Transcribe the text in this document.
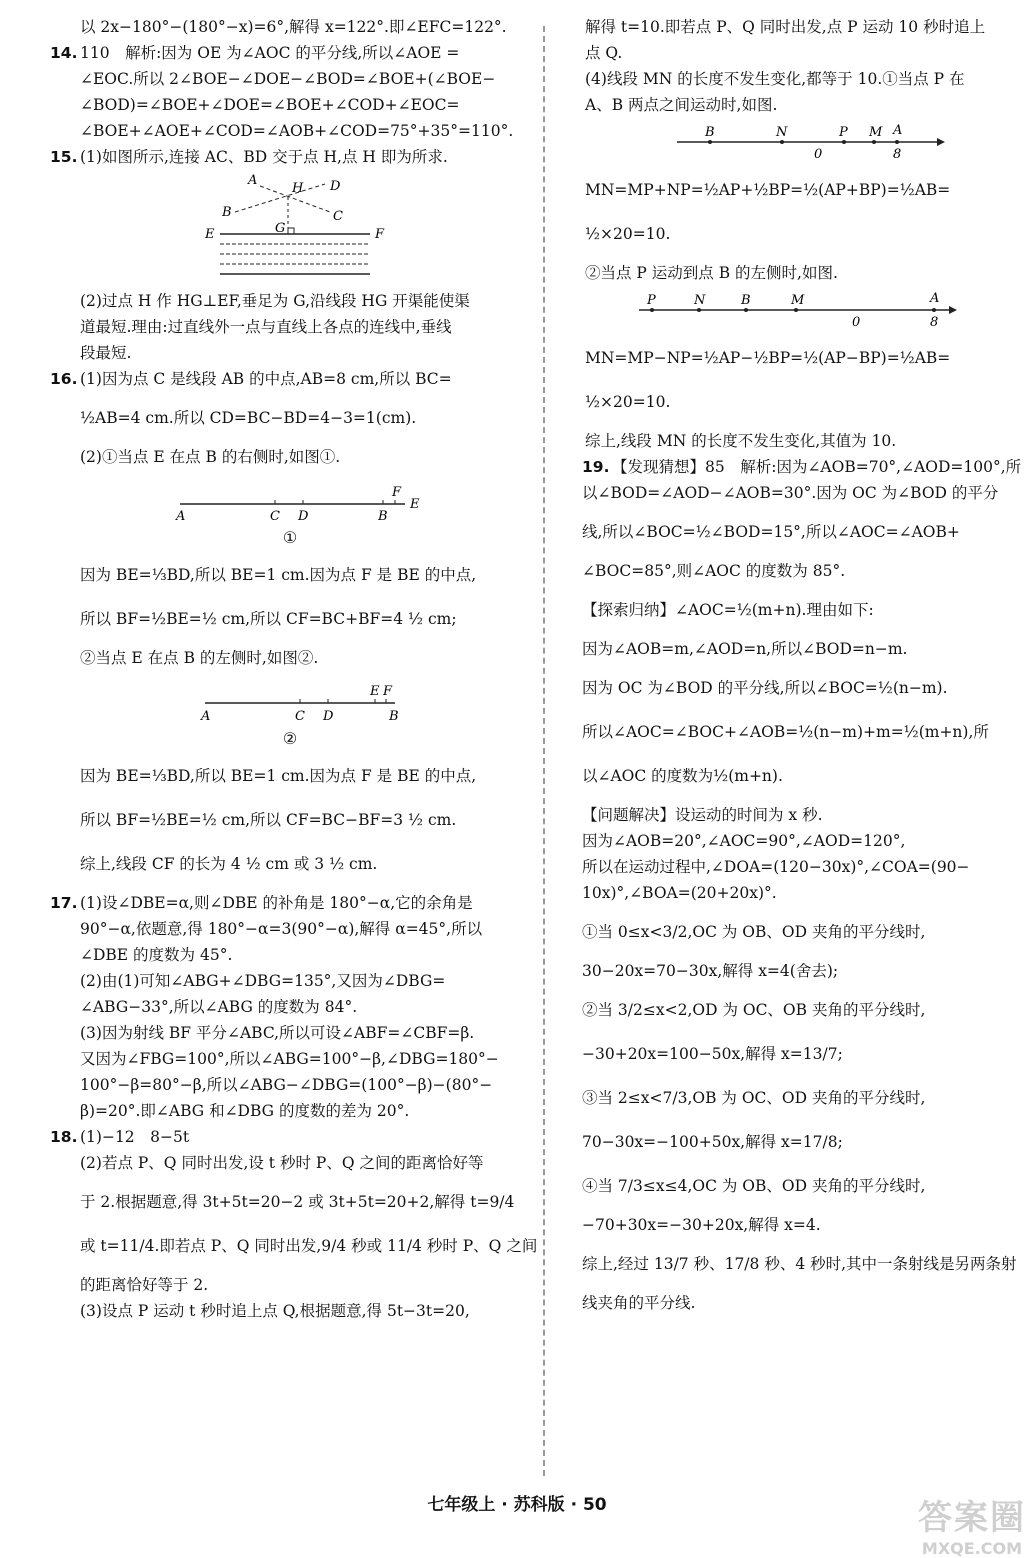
以 2x−180°−(180°−x)=6°,解得 x=122°.即∠EFC=122°.

14. 110　解析:因为 OE 为∠AOC 的平分线,所以∠AOE =

∠EOC.所以 2∠BOE−∠DOE−∠BOD=∠BOE+(∠BOE−

∠BOD)=∠BOE+∠DOE=∠BOE+∠COD+∠EOC=

∠BOE+∠AOE+∠COD=∠AOB+∠COD=75°+35°=110°.

15. (1)如图所示,连接 AC、BD 交于点 H,点 H 即为所求.

A
B	C
D
H
G
E	F

(2)过点 H 作 HG⊥EF,垂足为 G,沿线段 HG 开渠能使渠

道最短.理由:过直线外一点与直线上各点的连线中,垂线

段最短.

16. (1)因为点 C 是线段 AB 的中点,AB=8 cm,所以 BC=

½AB=4 cm.所以 CD=BC−BD=4−3=1(cm).

(2)①当点 E 在点 B 的右侧时,如图①.

A	C D	B
F
E

①

因为 BE=⅓BD,所以 BE=1 cm.因为点 F 是 BE 的中点,

所以 BF=½BE=½ cm,所以 CF=BC+BF=4 ½ cm;

②当点 E 在点 B 的左侧时,如图②.

A	C D	B
E F

②

因为 BE=⅓BD,所以 BE=1 cm.因为点 F 是 BE 的中点,

所以 BF=½BE=½ cm,所以 CF=BC−BF=3 ½ cm.

综上,线段 CF 的长为 4 ½ cm 或 3 ½ cm.

17. (1)设∠DBE=α,则∠DBE 的补角是 180°−α,它的余角是

90°−α,依题意,得 180°−α=3(90°−α),解得 α=45°,所以

∠DBE 的度数为 45°.

(2)由(1)可知∠ABG+∠DBG=135°,又因为∠DBG=

∠ABG−33°,所以∠ABG 的度数为 84°.

(3)因为射线 BF 平分∠ABC,所以可设∠ABF=∠CBF=β.

又因为∠FBG=100°,所以∠ABG=100°−β,∠DBG=180°−

100°−β=80°−β,所以∠ABG−∠DBG=(100°−β)−(80°−

β)=20°.即∠ABG 和∠DBG 的度数的差为 20°.

18. (1)−12　8−5t

(2)若点 P、Q 同时出发,设 t 秒时 P、Q 之间的距离恰好等

于 2.根据题意,得 3t+5t=20−2 或 3t+5t=20+2,解得 t=9/4

或 t=11/4.即若点 P、Q 同时出发,9/4 秒或 11/4 秒时 P、Q 之间

的距离恰好等于 2.

(3)设点 P 运动 t 秒时追上点 Q,根据题意,得 5t−3t=20,

解得 t=10.即若点 P、Q 同时出发,点 P 运动 10 秒时追上

点 Q.

(4)线段 MN 的长度不发生变化,都等于 10.①当点 P 在

A、B 两点之间运动时,如图.

B	N	P M A
0	8

MN=MP+NP=½AP+½BP=½(AP+BP)=½AB=

½×20=10.

②当点 P 运动到点 B 的左侧时,如图.

P	N	B	M	A
0	8

MN=MP−NP=½AP−½BP=½(AP−BP)=½AB=

½×20=10.

综上,线段 MN 的长度不发生变化,其值为 10.

19. 【发现猜想】85　解析:因为∠AOB=70°,∠AOD=100°,所

以∠BOD=∠AOD−∠AOB=30°.因为 OC 为∠BOD 的平分

线,所以∠BOC=½∠BOD=15°,所以∠AOC=∠AOB+

∠BOC=85°,则∠AOC 的度数为 85°.

【探索归纳】∠AOC=½(m+n).理由如下:

因为∠AOB=m,∠AOD=n,所以∠BOD=n−m.

因为 OC 为∠BOD 的平分线,所以∠BOC=½(n−m).

所以∠AOC=∠BOC+∠AOB=½(n−m)+m=½(m+n),所

以∠AOC 的度数为½(m+n).

【问题解决】设运动的时间为 x 秒.

因为∠AOB=20°,∠AOC=90°,∠AOD=120°,

所以在运动过程中,∠DOA=(120−30x)°,∠COA=(90−

10x)°,∠BOA=(20+20x)°.

①当 0≤x<3/2,OC 为 OB、OD 夹角的平分线时,

30−20x=70−30x,解得 x=4(舍去);

②当 3/2≤x<2,OD 为 OC、OB 夹角的平分线时,

−30+20x=100−50x,解得 x=13/7;

③当 2≤x<7/3,OB 为 OC、OD 夹角的平分线时,

70−30x=−100+50x,解得 x=17/8;

④当 7/3≤x≤4,OC 为 OB、OD 夹角的平分线时,

−70+30x=−30+20x,解得 x=4.

综上,经过 13/7 秒、17/8 秒、4 秒时,其中一条射线是另两条射

线夹角的平分线.

七年级上 · 苏科版 · 50	答案圈
MXQE.COM
